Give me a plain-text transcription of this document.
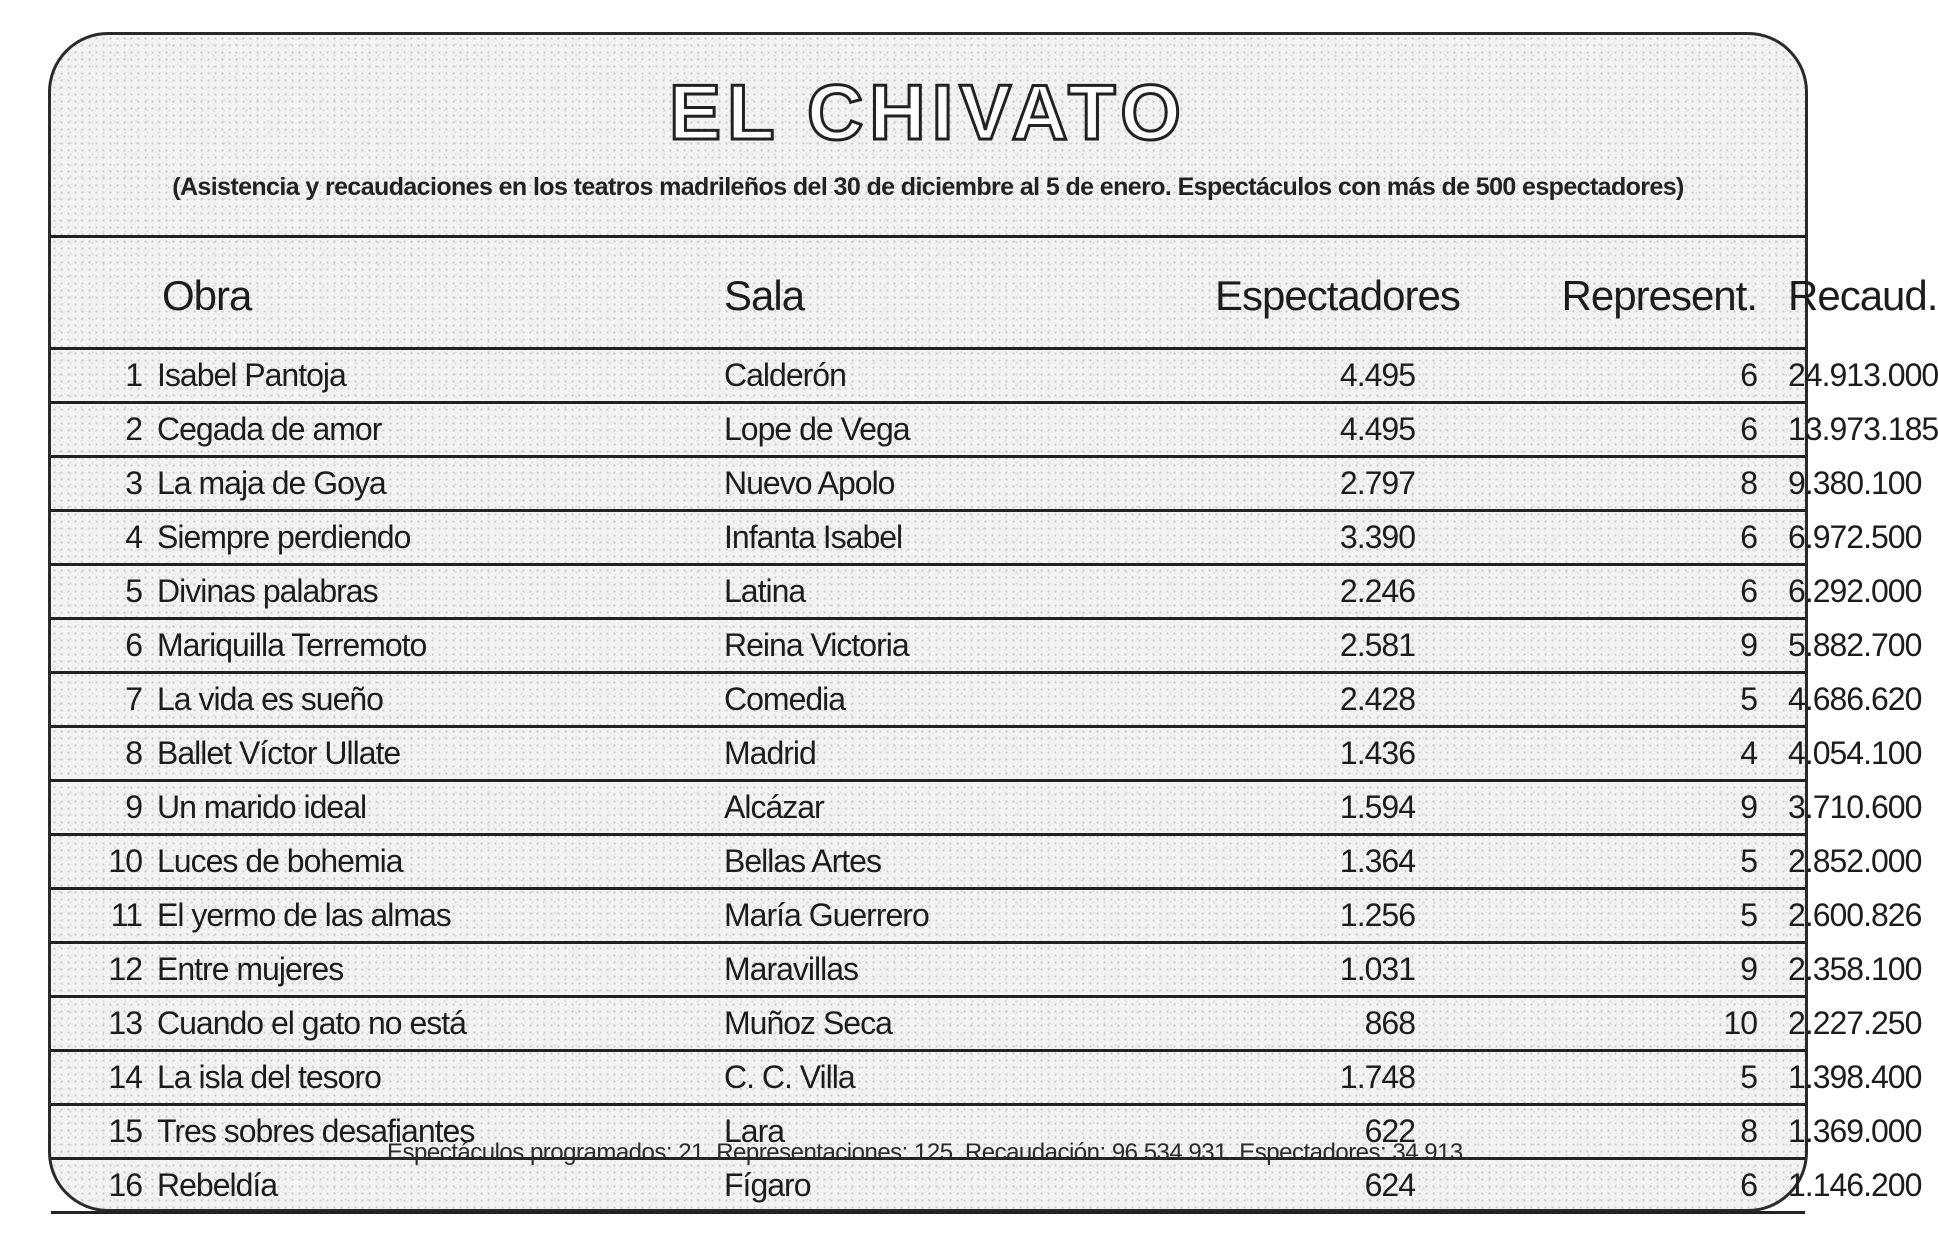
EL CHIVATO
(Asistencia y recaudaciones en los teatros madrileños del 30 de diciembre al 5 de enero. Espectáculos con más de 500 espectadores)
	Obra	Sala	Espectadores	Represent.	Recaud.
1	Isabel Pantoja	Calderón	4.495	6	24.913.000
2	Cegada de amor	Lope de Vega	4.495	6	13.973.185
3	La maja de Goya	Nuevo Apolo	2.797	8	9.380.100
4	Siempre perdiendo	Infanta Isabel	3.390	6	6.972.500
5	Divinas palabras	Latina	2.246	6	6.292.000
6	Mariquilla Terremoto	Reina Victoria	2.581	9	5.882.700
7	La vida es sueño	Comedia	2.428	5	4.686.620
8	Ballet Víctor Ullate	Madrid	1.436	4	4.054.100
9	Un marido ideal	Alcázar	1.594	9	3.710.600
10	Luces de bohemia	Bellas Artes	1.364	5	2.852.000
11	El yermo de las almas	María Guerrero	1.256	5	2.600.826
12	Entre mujeres	Maravillas	1.031	9	2.358.100
13	Cuando el gato no está	Muñoz Seca	868	10	2.227.250
14	La isla del tesoro	C. C. Villa	1.748	5	1.398.400
15	Tres sobres desafiantes	Lara	622	8	1.369.000
16	Rebeldía	Fígaro	624	6	1.146.200
Espectáculos programados: 21. Representaciones: 125. Recaudación: 96.534.931. Espectadores: 34.913.
